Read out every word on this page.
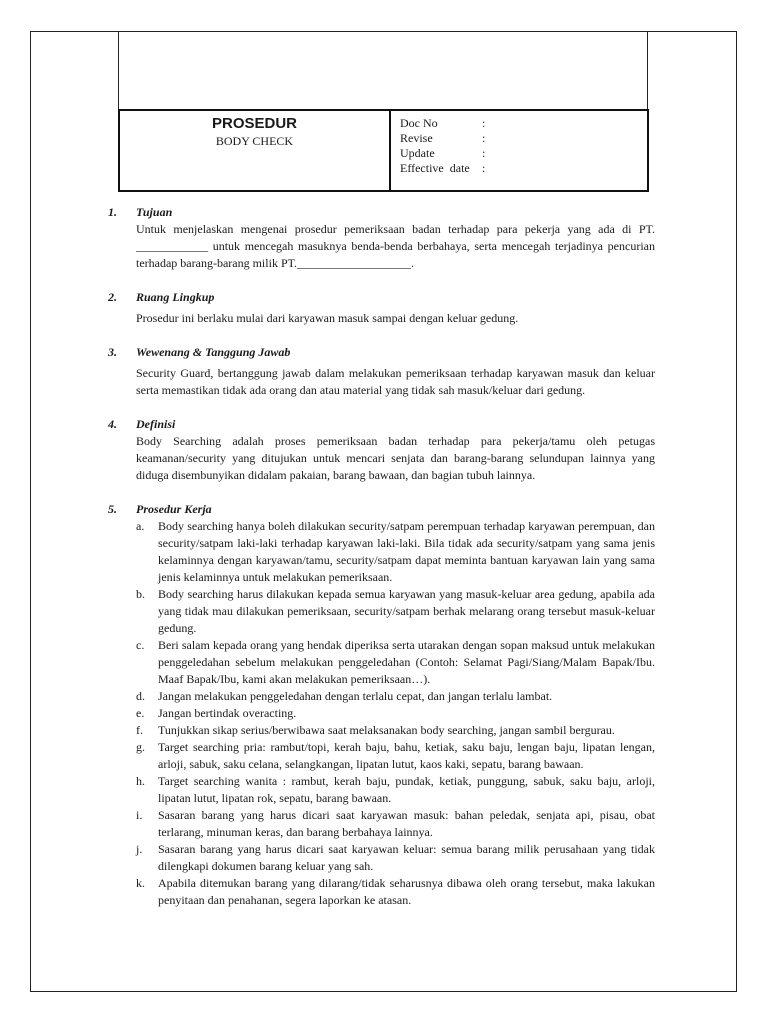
PROSEDUR
BODY CHECK
Doc No	:
Revise	:
Update	:
Effective  date	:
1.	Tujuan
Untuk menjelaskan mengenai prosedur pemeriksaan badan terhadap para pekerja yang ada di PT. ____________ untuk mencegah masuknya benda-benda berbahaya, serta mencegah terjadinya pencurian terhadap barang-barang milik PT.___________________.
2.	Ruang Lingkup
Prosedur ini berlaku mulai dari karyawan masuk sampai dengan keluar gedung.
3.	Wewenang & Tanggung Jawab
Security Guard, bertanggung jawab dalam melakukan pemeriksaan terhadap karyawan masuk dan keluar serta memastikan tidak ada orang dan atau material yang tidak sah masuk/keluar dari gedung.
4.	Definisi
Body Searching adalah proses pemeriksaan badan terhadap para pekerja/tamu oleh petugas keamanan/security yang ditujukan untuk mencari senjata dan barang-barang selundupan lainnya yang diduga disembunyikan didalam pakaian, barang bawaan, dan bagian tubuh lainnya.
5.	Prosedur Kerja
a.	Body searching hanya boleh dilakukan security/satpam perempuan terhadap karyawan perempuan, dan security/satpam laki-laki terhadap karyawan laki-laki. Bila tidak ada security/satpam yang sama jenis kelaminnya dengan karyawan/tamu, security/satpam dapat meminta bantuan karyawan lain yang sama jenis kelaminnya untuk melakukan pemeriksaan.
b.	Body searching harus dilakukan kepada semua karyawan yang masuk-keluar area gedung, apabila ada yang tidak mau dilakukan pemeriksaan, security/satpam berhak melarang orang tersebut masuk-keluar gedung.
c.	Beri salam kepada orang yang hendak diperiksa serta utarakan dengan sopan maksud untuk melakukan penggeledahan sebelum melakukan penggeledahan (Contoh: Selamat Pagi/Siang/Malam Bapak/Ibu. Maaf Bapak/Ibu, kami akan melakukan pemeriksaan…).
d.	Jangan melakukan penggeledahan dengan terlalu cepat, dan jangan terlalu lambat.
e.	Jangan bertindak overacting.
f.	Tunjukkan sikap serius/berwibawa saat melaksanakan body searching, jangan sambil bergurau.
g.	Target searching pria: rambut/topi, kerah baju, bahu, ketiak, saku baju, lengan baju, lipatan lengan, arloji, sabuk, saku celana, selangkangan, lipatan lutut, kaos kaki, sepatu, barang bawaan.
h.	Target searching wanita : rambut, kerah baju, pundak, ketiak, punggung, sabuk, saku baju, arloji, lipatan lutut, lipatan rok, sepatu, barang bawaan.
i.	Sasaran barang yang harus dicari saat karyawan masuk: bahan peledak, senjata api, pisau, obat terlarang, minuman keras, dan barang berbahaya lainnya.
j.	Sasaran barang yang harus dicari saat karyawan keluar: semua barang milik perusahaan yang tidak dilengkapi dokumen barang keluar yang sah.
k.	Apabila ditemukan barang yang dilarang/tidak seharusnya dibawa oleh orang tersebut, maka lakukan penyitaan dan penahanan, segera laporkan ke atasan.
